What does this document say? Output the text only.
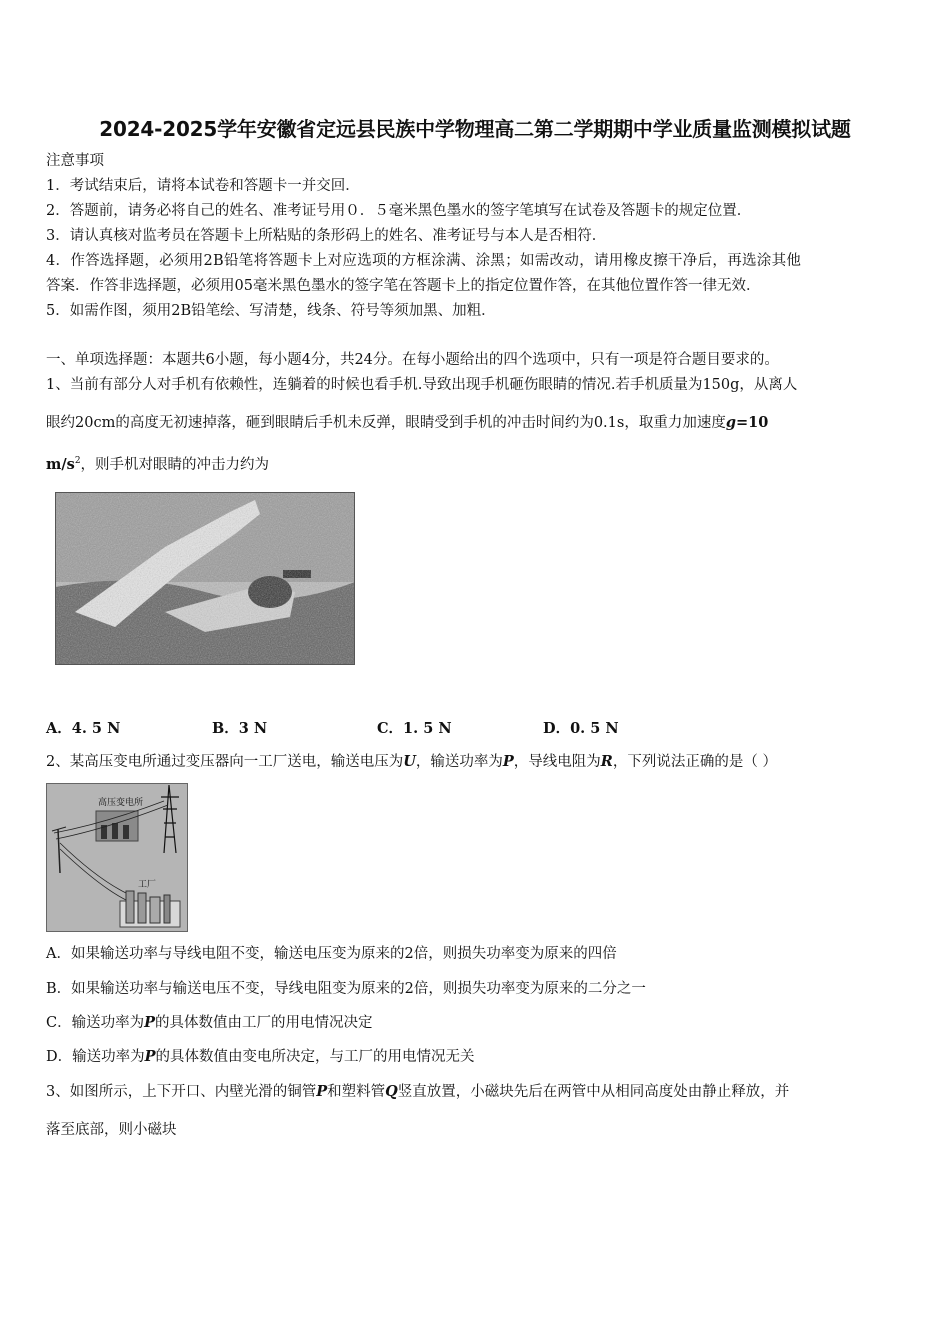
2024-2025学年安徽省定远县民族中学物理高二第二学期期中学业质量监测模拟试题
注意事项
1．考试结束后，请将本试卷和答题卡一并交回．
2．答题前，请务必将自己的姓名、准考证号用０．５毫米黑色墨水的签字笔填写在试卷及答题卡的规定位置．
3．请认真核对监考员在答题卡上所粘贴的条形码上的姓名、准考证号与本人是否相符．
4．作答选择题，必须用2B铅笔将答题卡上对应选项的方框涂满、涂黑；如需改动，请用橡皮擦干净后，再选涂其他
答案．作答非选择题，必须用05毫米黑色墨水的签字笔在答题卡上的指定位置作答，在其他位置作答一律无效．
5．如需作图，须用2B铅笔绘、写清楚，线条、符号等须加黑、加粗．
一、单项选择题：本题共6小题，每小题4分，共24分。在每小题给出的四个选项中，只有一项是符合题目要求的。
1、当前有部分人对手机有依赖性，连躺着的时候也看手机.导致出现手机砸伤眼睛的情况.若手机质量为150g，从离人
眼约20cm的高度无初速掉落，砸到眼睛后手机未反弹，眼睛受到手机的冲击时间约为0.1s，取重力加速度g=10
$m/s^2$，则手机对眼睛的冲击力约为
A．4. 5 N	B．3 N	C．1. 5 N	D．0. 5 N
2、某高压变电所通过变压器向一工厂送电，输送电压为U，输送功率为P，导线电阻为R，下列说法正确的是（ ）
高压变电所
工厂
A．如果输送功率与导线电阻不变，输送电压变为原来的2倍，则损失功率变为原来的四倍
B．如果输送功率与输送电压不变，导线电阻变为原来的2倍，则损失功率变为原来的二分之一
C．输送功率为P的具体数值由工厂的用电情况决定
D．输送功率为P的具体数值由变电所决定，与工厂的用电情况无关
3、如图所示，上下开口、内壁光滑的铜管P和塑料管Q竖直放置，小磁块先后在两管中从相同高度处由静止释放，并
落至底部，则小磁块
